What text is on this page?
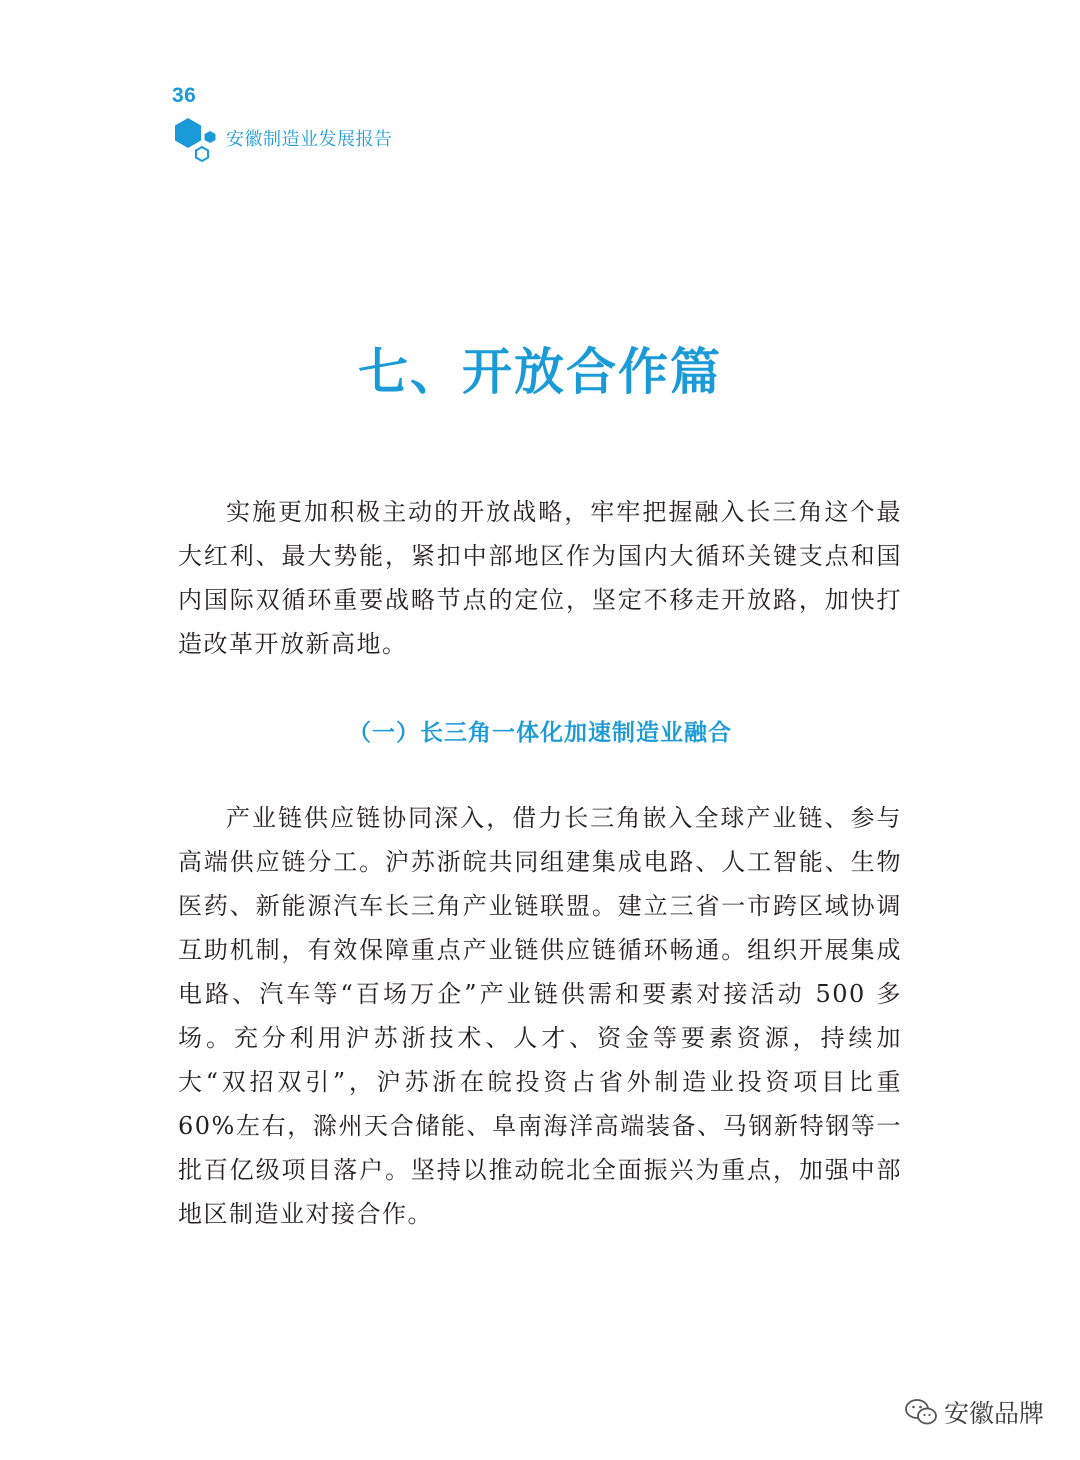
36
安徽制造业发展报告
七、开放合作篇

实施更加积极主动的开放战略，牢牢把握融入长三角这个最大红利、最大势能，紧扣中部地区作为国内大循环关键支点和国内国际双循环重要战略节点的定位，坚定不移走开放路，加快打造改革开放新高地。

（一）长三角一体化加速制造业融合

产业链供应链协同深入，借力长三角嵌入全球产业链、参与高端供应链分工。沪苏浙皖共同组建集成电路、人工智能、生物医药、新能源汽车长三角产业链联盟。建立三省一市跨区域协调互助机制，有效保障重点产业链供应链循环畅通。组织开展集成电路、汽车等“百场万企”产业链供需和要素对接活动 500 多场。充分利用沪苏浙技术、人才、资金等要素资源，持续加大“双招双引”，沪苏浙在皖投资占省外制造业投资项目比重 60%左右，滁州天合储能、阜南海洋高端装备、马钢新特钢等一批百亿级项目落户。坚持以推动皖北全面振兴为重点，加强中部地区制造业对接合作。

安徽品牌
